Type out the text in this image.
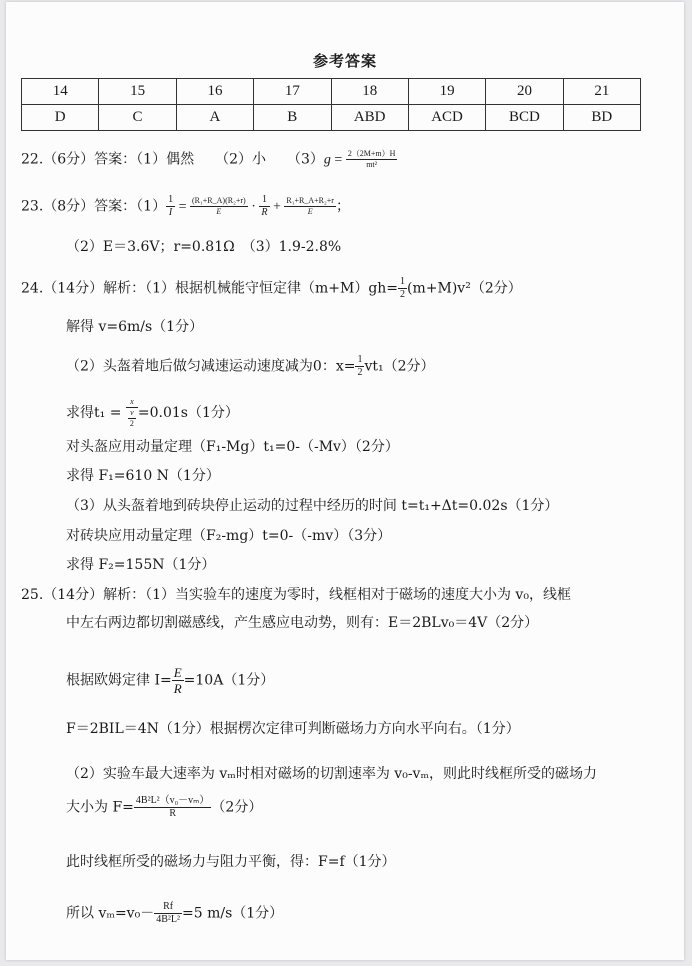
参考答案
14	15	16	17	18	19	20	21
D	C	A	B	ABD	ACD	BCD	BD
22.（6分）答案：（1）偶然　　（2）小　　$(3)g = \frac{2(2M+m)H}{\text{mt²}}$
23.（8分）答案：$(1) \frac{1}{I} = \frac{\text{(R₁+R\_A)(R₂+r)}}{E} \cdot \frac{1}{R} + \frac{\text{R₁+R\_A+R₂+r}}{E}$ ；
（2）E＝3.6V；r=0.81Ω　（3）1.9-2.8%
24.（14分）解析：（1）根据机械能守恒定律$(m+M)gh= \frac{1}{2} (m+M)v^2(2$分）
解得 v=6m/s（1分）
（2）头盔着地后做匀减速运动速度减为0：$x= \frac{1}{2} vt_1(2$分）
求得$t_1 = \frac{x}{\frac{v}{2}} =0.01s(1$分）
对头盔应用动量定理（F₁-Mg）t₁=0-（-Mv）（2分）
求得 F₁=610 N（1分）
（3）从头盔着地到砖块停止运动的过程中经历的时间 t=t₁+Δt=0.02s（1分）
对砖块应用动量定理（F₂-mg）t=0-（-mv）（3分）
求得 F₂=155N（1分）
25.（14分）解析：（1）当实验车的速度为零时，线框相对于磁场的速度大小为 v₀，线框
中左右两边都切割磁感线，产生感应电动势，则有：E＝2BLv₀＝4V（2分）
根据欧姆定律 $I= \frac{E}{R} =10A(1$分）
F＝2BIL＝4N（1分）根据楞次定律可判断磁场力方向水平向右。（1分）
（2）实验车最大速率为 vₘ时相对磁场的切割速率为 v₀-vₘ，则此时线框所受的磁场力
大小为 $F= \frac{\text{4B²L²（v₀－vₘ）}}{R} (2$分）
此时线框所受的磁场力与阻力平衡，得：F=f（1分）
所以 $v_m=v_0- \frac{Rf}{\text{4B²L²}} =5$ m/s（1分）
